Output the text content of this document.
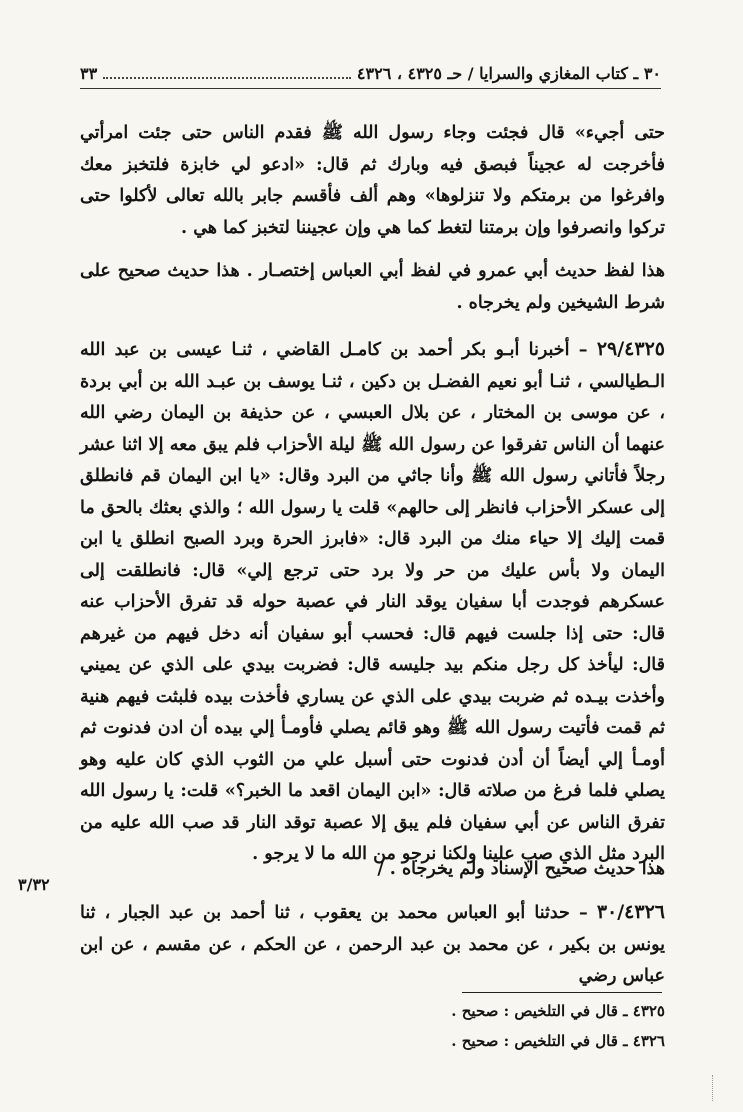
٣٠ ـ كتاب المغازي والسرايا / حـ ٤٣٢٥ ، ٤٣٢٦
٣٣

حتى أجيء» قال فجئت وجاء رسول الله ﷺ فقدم الناس حتى جئت امرأتي فأخرجت له عجيناً فبصق فيه وبارك ثم قال: «ادعو لي خابزة فلتخبز معك وافرغوا من برمتكم ولا تنزلوها» وهم ألف فأقسم جابر بالله تعالى لأكلوا حتى تركوا وانصرفوا وإن برمتنا لتغط كما هي وإن عجيننا لتخبز كما هي .

هذا لفظ حديث أبي عمرو في لفظ أبي العباس إختصـار . هذا حديث صحيح على شرط الشيخين ولم يخرجاه .

٢٩/٤٣٢٥ – أخبرنا أبـو بكر أحمد بن كامـل القاضي ، ثنـا عيسى بن عبد الله الـطيالسي ، ثنـا أبو نعيم الفضـل بن دكين ، ثنـا يوسف بن عبـد الله بن أبي بردة ، عن موسى بن المختار ، عن بلال العبسي ، عن حذيفة بن اليمان رضي الله عنهما أن الناس تفرقوا عن رسول الله ﷺ ليلة الأحزاب فلم يبق معه إلا اثنا عشر رجلاً فأتاني رسول الله ﷺ وأنا جاثي من البرد وقال: «يا ابن اليمان قم فانطلق إلى عسكر الأحزاب فانظر إلى حالهم» قلت يا رسول الله ؛ والذي بعثك بالحق ما قمت إليك إلا حياء منك من البرد قال: «فابرز الحرة وبرد الصبح انطلق يا ابن اليمان ولا بأس عليك من حر ولا برد حتى ترجع إلي» قال: فانطلقت إلى عسكرهم فوجدت أبا سفيان يوقد النار في عصبة حوله قد تفرق الأحزاب عنه قال: حتى إذا جلست فيهم قال: فحسب أبو سفيان أنه دخل فيهم من غيرهم قال: ليأخذ كل رجل منكم بيد جليسه قال: فضربت بيدي على الذي عن يميني وأخذت بيـده ثم ضربت بيدي على الذي عن يساري فأخذت بيده فلبثت فيهم هنية ثم قمت فأتيت رسول الله ﷺ وهو قائم يصلي فأومـأ إلي بيده أن ادن فدنوت ثم أومـأ إلي أيضاً أن أدن فدنوت حتى أسبل علي من الثوب الذي كان عليه وهو يصلي فلما فرغ من صلاته قال: «ابن اليمان اقعد ما الخبر؟» قلت: يا رسول الله تفرق الناس عن أبي سفيان فلم يبق إلا عصبة توقد النار قد صب الله عليه من البرد مثل الذي صب علينا ولكنا نرجو من الله ما لا يرجو .

هذا حديث صحيح الإسناد ولم يخرجاه . /

٣/٣٢

٣٠/٤٣٢٦ – حدثنا أبو العباس محمد بن يعقوب ، ثنا أحمد بن عبد الجبار ، ثنا يونس بن بكير ، عن محمد بن عبد الرحمن ، عن الحكم ، عن مقسم ، عن ابن عباس رضي

٤٣٢٥ ـ قال في التلخيص : صحيح .

٤٣٢٦ ـ قال في التلخيص : صحيح .
